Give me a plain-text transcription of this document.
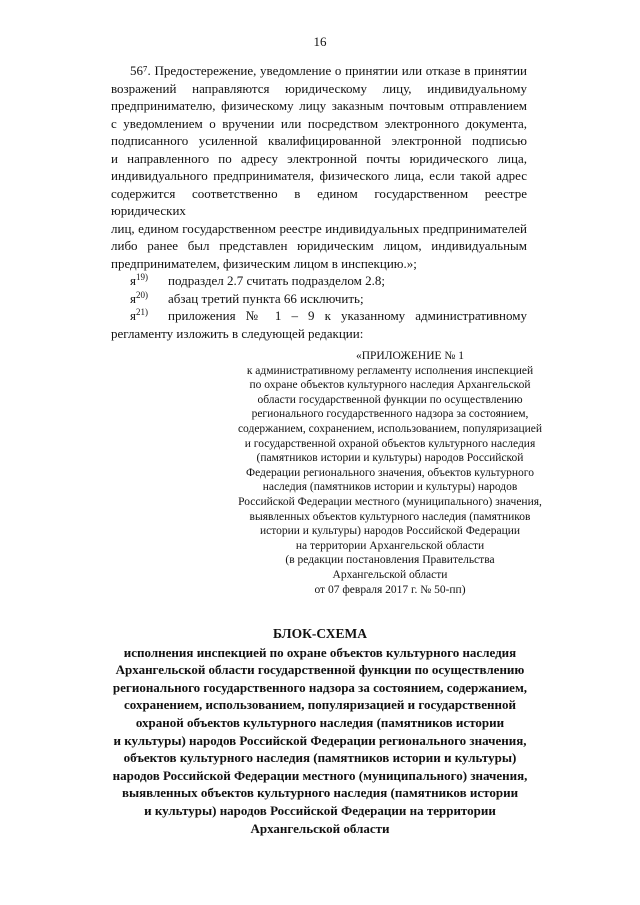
16
56⁷. Предостережение, уведомление о принятии или отказе в принятии
возражений направляются юридическому лицу, индивидуальному
предпринимателю, физическому лицу заказным почтовым отправлением
с уведомлением о вручении или посредством электронного документа,
подписанного усиленной квалифицированной электронной подписью
и направленного по адресу электронной почты юридического лица,
индивидуального предпринимателя, физического лица, если такой адрес
содержится соответственно в едином государственном реестре юридических
лиц, едином государственном реестре индивидуальных предпринимателей
либо ранее был представлен юридическим лицом, индивидуальным
предпринимателем, физическим лицом в инспекцию.»;
$я^{19)}$	подраздел 2.7 считать подразделом 2.8;
$я^{20)}$	абзац третий пункта 66 исключить;
$я^{21)}$	приложения № 1 – 9 к указанному административному
регламенту изложить в следующей редакции:
«ПРИЛОЖЕНИЕ № 1
к административному регламенту исполнения инспекцией
по охране объектов культурного наследия Архангельской
области государственной функции по осуществлению
регионального государственного надзора за состоянием,
содержанием, сохранением, использованием, популяризацией
и государственной охраной объектов культурного наследия
(памятников истории и культуры) народов Российской
Федерации регионального значения, объектов культурного
наследия (памятников истории и культуры) народов
Российской Федерации местного (муниципального) значения,
выявленных объектов культурного наследия (памятников
истории и культуры) народов Российской Федерации
на территории Архангельской области
(в редакции постановления Правительства
Архангельской области
от 07 февраля 2017 г. № 50-пп)
БЛОК-СХЕМА
исполнения инспекцией по охране объектов культурного наследия
Архангельской области государственной функции по осуществлению
регионального государственного надзора за состоянием, содержанием,
сохранением, использованием, популяризацией и государственной
охраной объектов культурного наследия (памятников истории
и культуры) народов Российской Федерации регионального значения,
объектов культурного наследия (памятников истории и культуры)
народов Российской Федерации местного (муниципального) значения,
выявленных объектов культурного наследия (памятников истории
и культуры) народов Российской Федерации на территории
Архангельской области
